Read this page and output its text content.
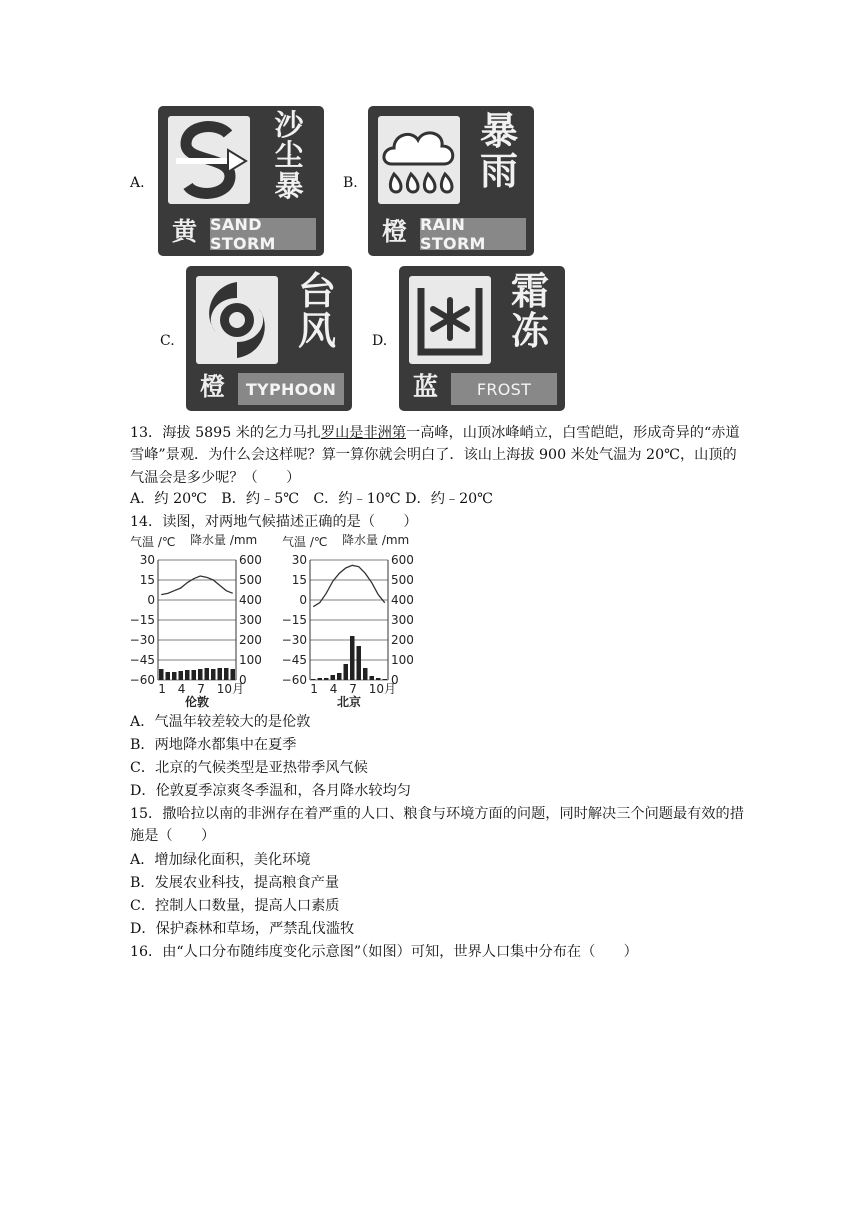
A.
沙
尘
暴
黄 SAND STORM
B.
暴
雨
橙 RAIN STORM
C.
台
风
橙	TYPHOON
D.
霜
冻
蓝	FROST
13．海拔 5895 米的乞力马扎罗山是非洲第一高峰，山顶冰峰峭立，白雪皑皑，形成奇异的“赤道雪峰”景观．为什么会这样呢？算一算你就会明白了．该山上海拔 900 米处气温为 20℃，山顶的气温会是多少呢？（　　）
A．约 20℃　B．约﹣5℃　C．约﹣10℃ D．约﹣20℃
14．读图，对两地气候描述正确的是（　　）
气温 /℃ 降水量 /mm
30	600
15	500
0	400
−15	300
−30	200
−45	100
−60	0
1 4 7 10月
伦敦
气温 /℃ 降水量 /mm
30	600
15	500
0	400
−15	300
−30	200
−45	100
−60	0
1 4 7 10月
北京
A．气温年较差较大的是伦敦
B．两地降水都集中在夏季
C．北京的气候类型是亚热带季风气候
D．伦敦夏季凉爽冬季温和，各月降水较均匀
15．撒哈拉以南的非洲存在着严重的人口、粮食与环境方面的问题，同时解决三个问题最有效的措施是（　　）
A．增加绿化面积，美化环境
B．发展农业科技，提高粮食产量
C．控制人口数量，提高人口素质
D．保护森林和草场，严禁乱伐滥牧
16．由“人口分布随纬度变化示意图”（如图）可知，世界人口集中分布在（　　）
